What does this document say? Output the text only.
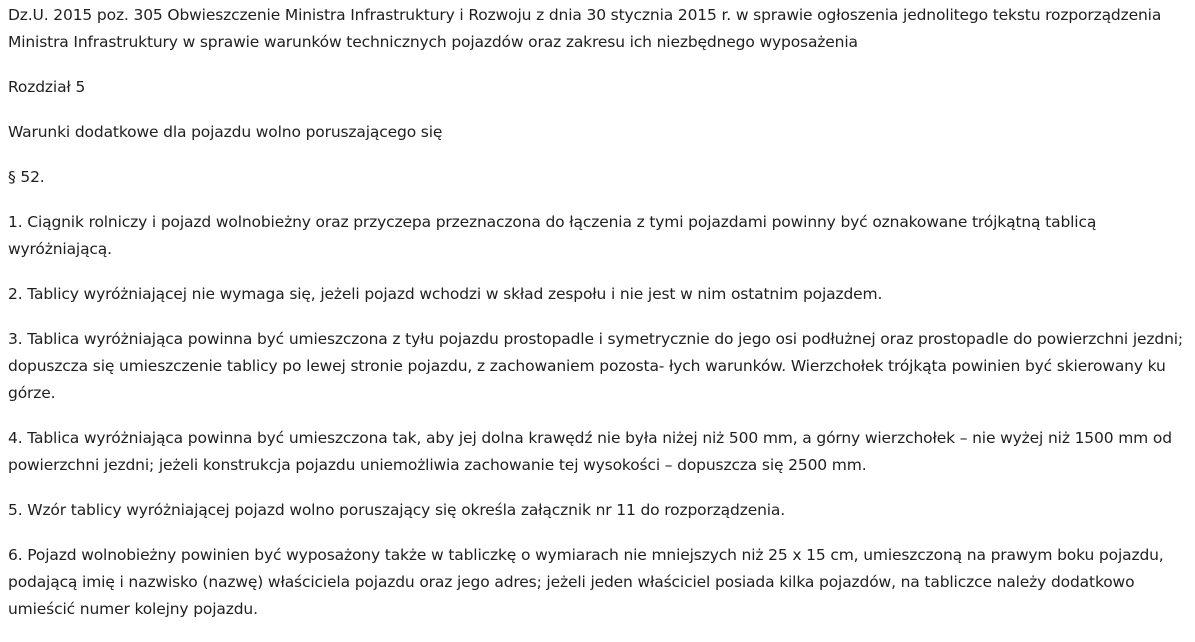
Dz.U. 2015 poz. 305 Obwieszczenie Ministra Infrastruktury i Rozwoju z dnia 30 stycznia 2015 r. w sprawie ogłoszenia jednolitego tekstu rozporządzenia Ministra Infrastruktury w sprawie warunków technicznych pojazdów oraz zakresu ich niezbędnego wyposażenia

Rozdział 5

Warunki dodatkowe dla pojazdu wolno poruszającego się

§ 52.

1. Ciągnik rolniczy i pojazd wolnobieżny oraz przyczepa przeznaczona do łączenia z tymi pojazdami powinny być oznakowane trójkątną tablicą wyróżniającą.

2. Tablicy wyróżniającej nie wymaga się, jeżeli pojazd wchodzi w skład zespołu i nie jest w nim ostatnim pojazdem.

3. Tablica wyróżniająca powinna być umieszczona z tyłu pojazdu prostopadle i symetrycznie do jego osi podłużnej oraz prostopadle do powierzchni jezdni; dopuszcza się umieszczenie tablicy po lewej stronie pojazdu, z zachowaniem pozosta- łych warunków. Wierzchołek trójkąta powinien być skierowany ku górze.

4. Tablica wyróżniająca powinna być umieszczona tak, aby jej dolna krawędź nie była niżej niż 500 mm, a górny wierzchołek – nie wyżej niż 1500 mm od powierzchni jezdni; jeżeli konstrukcja pojazdu uniemożliwia zachowanie tej wysokości – dopuszcza się 2500 mm.

5. Wzór tablicy wyróżniającej pojazd wolno poruszający się określa załącznik nr 11 do rozporządzenia.

6. Pojazd wolnobieżny powinien być wyposażony także w tabliczkę o wymiarach nie mniejszych niż 25 x 15 cm, umieszczoną na prawym boku pojazdu, podającą imię i nazwisko (nazwę) właściciela pojazdu oraz jego adres; jeżeli jeden właściciel posiada kilka pojazdów, na tabliczce należy dodatkowo umieścić numer kolejny pojazdu.
